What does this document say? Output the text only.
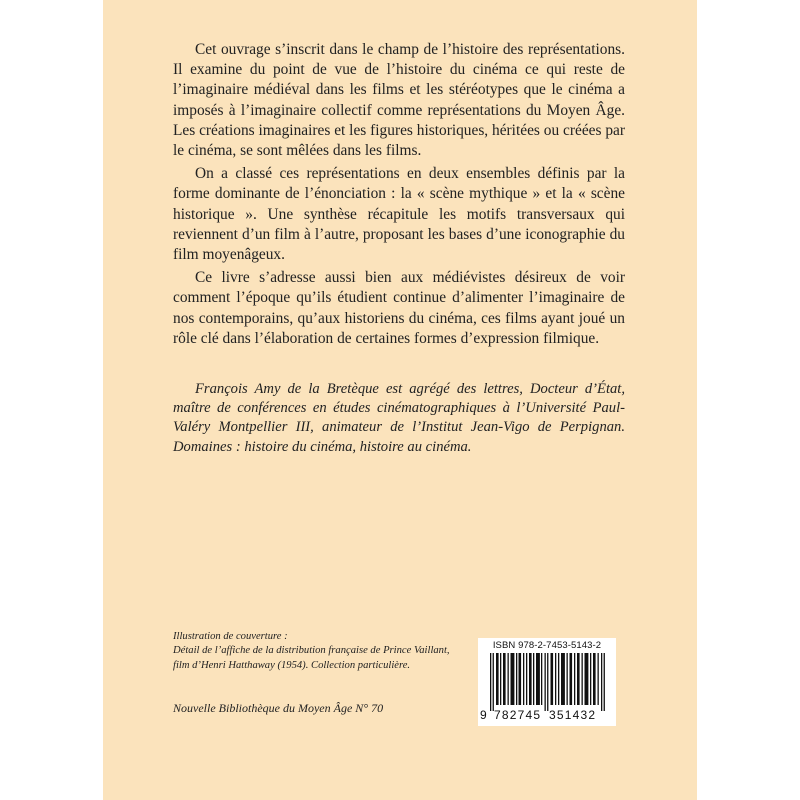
Cet ouvrage s’inscrit dans le champ de l’histoire des représentations. Il examine du point de vue de l’histoire du cinéma ce qui reste de l’imaginaire médiéval dans les films et les stéréotypes que le cinéma a imposés à l’imaginaire collectif comme représentations du Moyen Âge. Les créations imaginaires et les figures historiques, héritées ou créées par le cinéma, se sont mêlées dans les films.

On a classé ces représentations en deux ensembles définis par la forme dominante de l’énonciation : la « scène mythique » et la « scène historique ». Une synthèse récapitule les motifs transversaux qui reviennent d’un film à l’autre, proposant les bases d’une iconographie du film moyenâgeux.

Ce livre s’adresse aussi bien aux médiévistes désireux de voir comment l’époque qu’ils étudient continue d’alimenter l’imaginaire de nos contemporains, qu’aux historiens du cinéma, ces films ayant joué un rôle clé dans l’élaboration de certaines formes d’expression filmique.

François Amy de la Bretèque est agrégé des lettres, Docteur d’État, maître de conférences en études cinématographiques à l’Université Paul-Valéry Montpellier III, animateur de l’Institut Jean-Vigo de Perpignan. Domaines : histoire du cinéma, histoire au cinéma.

Illustration de couverture :
Détail de l’affiche de la distribution française de Prince Vaillant,
film d’Henri Hatthaway (1954). Collection particulière.
Nouvelle Bibliothèque du Moyen Âge N° 70
ISBN 978-2-7453-5143-2
9 782745 351432
